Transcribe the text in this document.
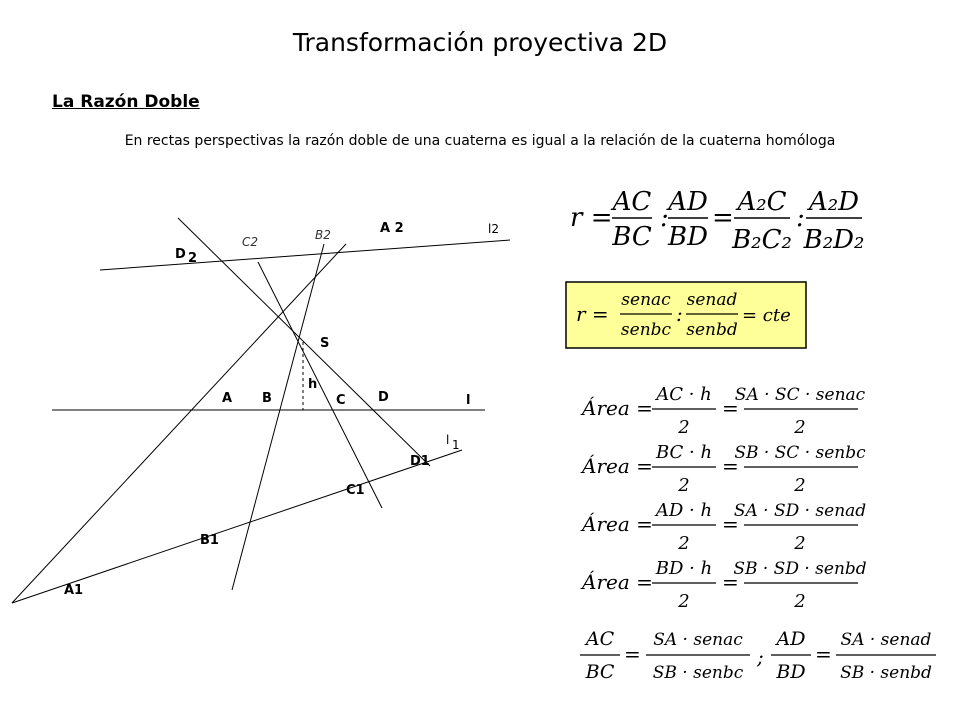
Transformación proyectiva 2D
La Razón Doble
En rectas perspectivas la razón doble de una cuaterna es igual a la relación de la cuaterna homóloga
S
h
A B	C D	l
A 2
B2
C2
D 2
l2
A1
B1
C1
D1
l 1
r =
AC
BC
:
AD
BD
=
A₂C
B₂C₂
:
A₂D
B₂D₂
r =
senac
senbc
:
senad
senbd
= cte
Área =
AC · h
2
=
SA · SC · senac
2
Área =
BC · h
2
=
SB · SC · senbc
2
Área =
AD · h
2
=
SA · SD · senad
2
Área =
BD · h
2
=
SB · SD · senbd
2
AC
BC
=
SA · senac
SB · senbc
;
AD
BD
=
SA · senad
SB · senbd
